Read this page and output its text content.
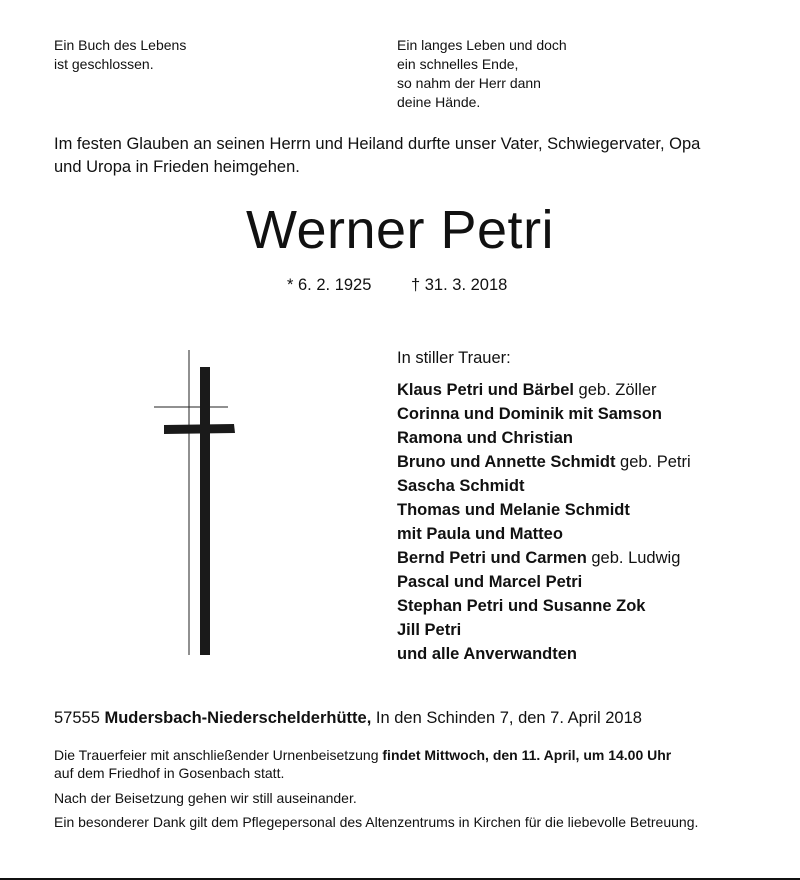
Ein Buch des Lebens
ist geschlossen.
Ein langes Leben und doch
ein schnelles Ende,
so nahm der Herr dann
deine Hände.
Im festen Glauben an seinen Herrn und Heiland durfte unser Vater, Schwiegervater, Opa
und Uropa in Frieden heimgehen.
Werner Petri
* 6. 2. 1925 † 31. 3. 2018
In stiller Trauer:
Klaus Petri und Bärbel geb. Zöller
Corinna und Dominik mit Samson
Ramona und Christian
Bruno und Annette Schmidt geb. Petri
Sascha Schmidt
Thomas und Melanie Schmidt
mit Paula und Matteo
Bernd Petri und Carmen geb. Ludwig
Pascal und Marcel Petri
Stephan Petri und Susanne Zok
Jill Petri
und alle Anverwandten
57555 Mudersbach-Niederschelderhütte, In den Schinden 7, den 7. April 2018
Die Trauerfeier mit anschließender Urnenbeisetzung findet Mittwoch, den 11. April, um 14.00 Uhr
auf dem Friedhof in Gosenbach statt.
Nach der Beisetzung gehen wir still auseinander.
Ein besonderer Dank gilt dem Pflegepersonal des Altenzentrums in Kirchen für die liebevolle Betreuung.
